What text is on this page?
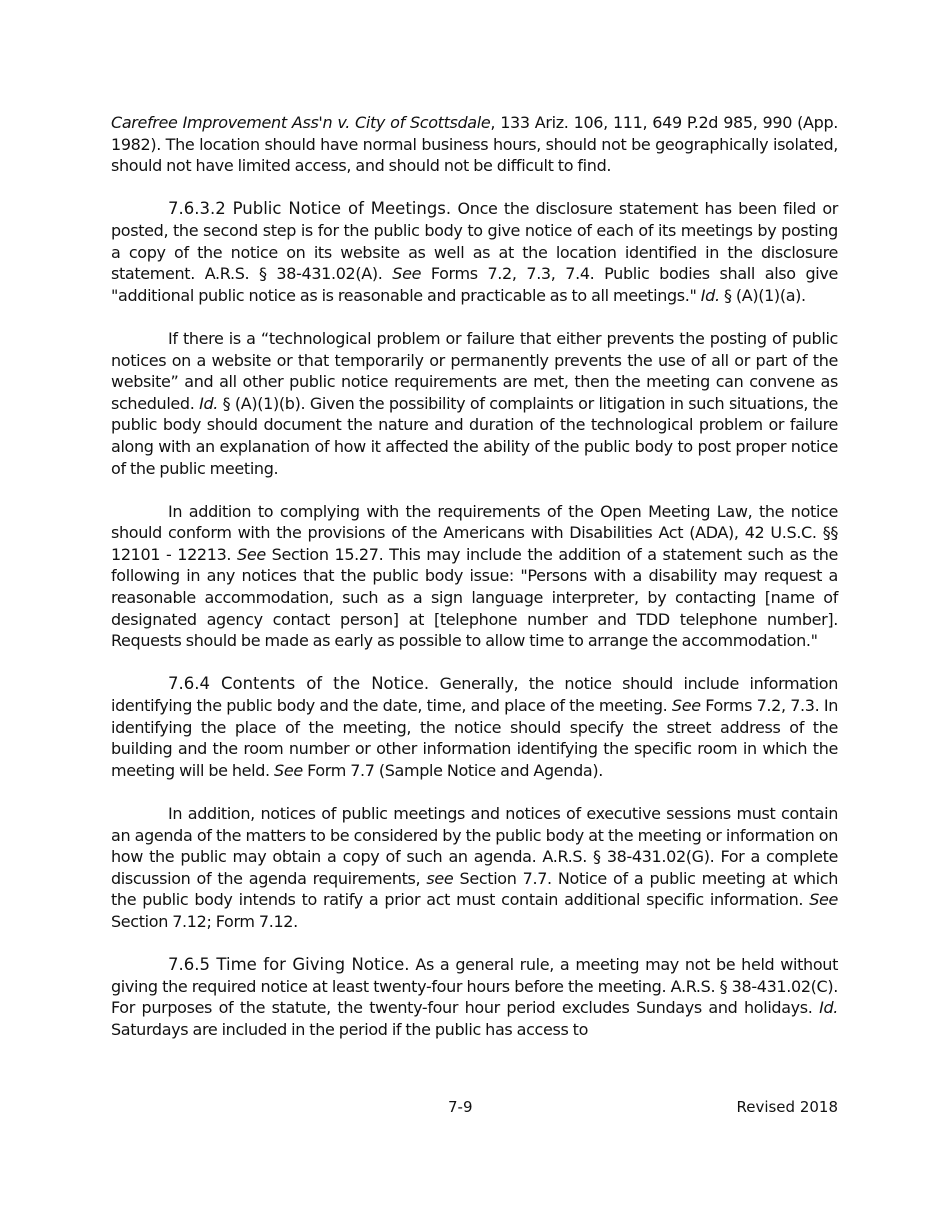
Carefree Improvement Ass'n v. City of Scottsdale, 133 Ariz. 106, 111, 649 P.2d 985, 990 (App. 1982). The location should have normal business hours, should not be geographically isolated, should not have limited access, and should not be difficult to find.

7.6.3.2 Public Notice of Meetings. Once the disclosure statement has been filed or posted, the second step is for the public body to give notice of each of its meetings by posting a copy of the notice on its website as well as at the location identified in the disclosure statement. A.R.S. § 38-431.02(A). See Forms 7.2, 7.3, 7.4. Public bodies shall also give "additional public notice as is reasonable and practicable as to all meetings." Id. § (A)(1)(a).

If there is a “technological problem or failure that either prevents the posting of public notices on a website or that temporarily or permanently prevents the use of all or part of the website” and all other public notice requirements are met, then the meeting can convene as scheduled. Id. § (A)(1)(b). Given the possibility of complaints or litigation in such situations, the public body should document the nature and duration of the technological problem or failure along with an explanation of how it affected the ability of the public body to post proper notice of the public meeting.

In addition to complying with the requirements of the Open Meeting Law, the notice should conform with the provisions of the Americans with Disabilities Act (ADA), 42 U.S.C. §§ 12101 - 12213. See Section 15.27. This may include the addition of a statement such as the following in any notices that the public body issue: "Persons with a disability may request a reasonable accommodation, such as a sign language interpreter, by contacting [name of designated agency contact person] at [telephone number and TDD telephone number]. Requests should be made as early as possible to allow time to arrange the accommodation."

7.6.4 Contents of the Notice. Generally, the notice should include information identifying the public body and the date, time, and place of the meeting. See Forms 7.2, 7.3. In identifying the place of the meeting, the notice should specify the street address of the building and the room number or other information identifying the specific room in which the meeting will be held. See Form 7.7 (Sample Notice and Agenda).

In addition, notices of public meetings and notices of executive sessions must contain an agenda of the matters to be considered by the public body at the meeting or information on how the public may obtain a copy of such an agenda. A.R.S. § 38-431.02(G). For a complete discussion of the agenda requirements, see Section 7.7. Notice of a public meeting at which the public body intends to ratify a prior act must contain additional specific information. See Section 7.12; Form 7.12.

7.6.5 Time for Giving Notice. As a general rule, a meeting may not be held without giving the required notice at least twenty-four hours before the meeting. A.R.S. § 38-431.02(C). For purposes of the statute, the twenty-four hour period excludes Sundays and holidays. Id. Saturdays are included in the period if the public has access to

7-9	Revised 2018
